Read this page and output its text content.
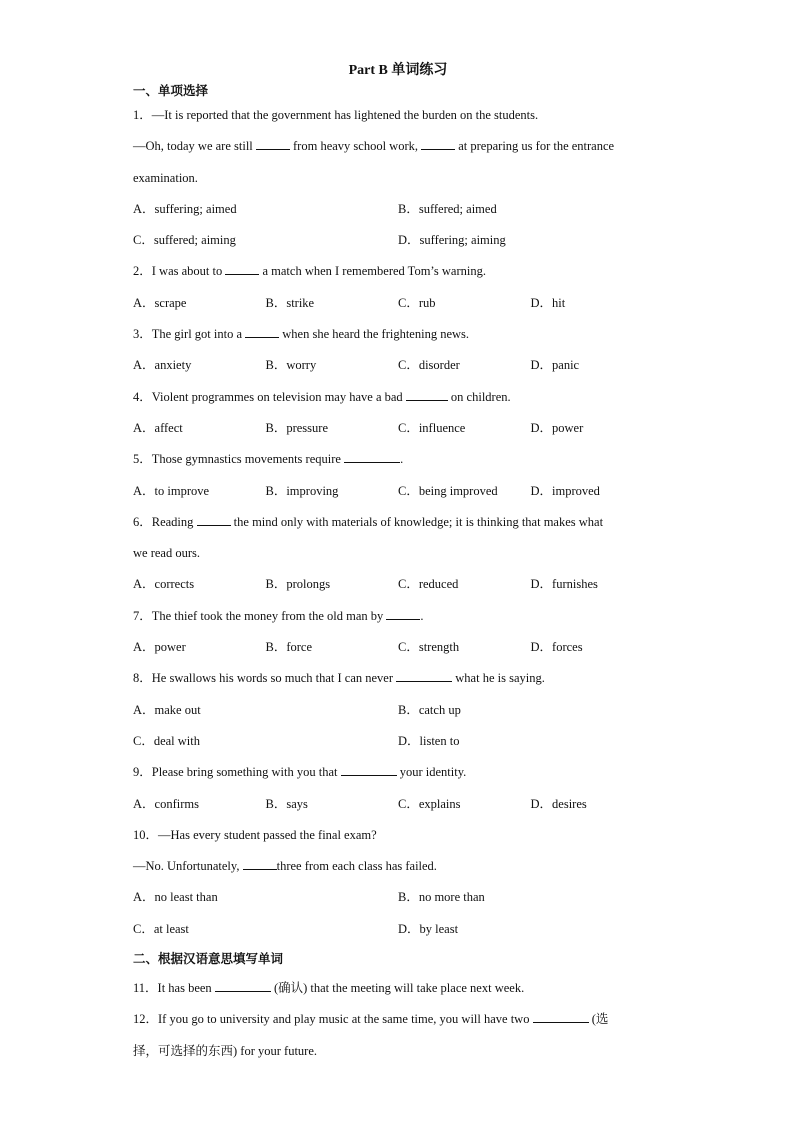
Part B 单词练习
一、单项选择
1．—It is reported that the government has lightened the burden on the students.
—Oh, today we are still	from heavy school work,	at preparing us for the entrance
examination.
A．suffering; aimed	B．suffered; aimed
C．suffered; aiming	D．suffering; aiming
2．I was about to	a match when I remembered Tom’s warning.
A．scrape	B．strike	C．rub	D．hit
3．The girl got into a	when she heard the frightening news.
A．anxiety	B．worry	C．disorder	D．panic
4．Violent programmes on television may have a bad	on children.
A．affect	B．pressure	C．influence	D．power
5．Those gymnastics movements require	.
A．to improve	B．improving	C．being improved	D．improved
6．Reading	the mind only with materials of knowledge; it is thinking that makes what
we read ours.
A．corrects	B．prolongs	C．reduced	D．furnishes
7．The thief took the money from the old man by	.
A．power	B．force	C．strength	D．forces
8．He swallows his words so much that I can never	what he is saying.
A．make out	B．catch up
C．deal with	D．listen to
9．Please bring something with you that	your identity.
A．confirms	B．says	C．explains	D．desires
10．—Has every student passed the final exam?
—No. Unfortunately,	three from each class has failed.
A．no least than	B．no more than
C．at least	D．by least
二、根据汉语意思填写单词
11．It has been	(确认) that the meeting will take place next week.
12．If you go to university and play music at the same time, you will have two	(选
择，可选择的东西) for your future.
